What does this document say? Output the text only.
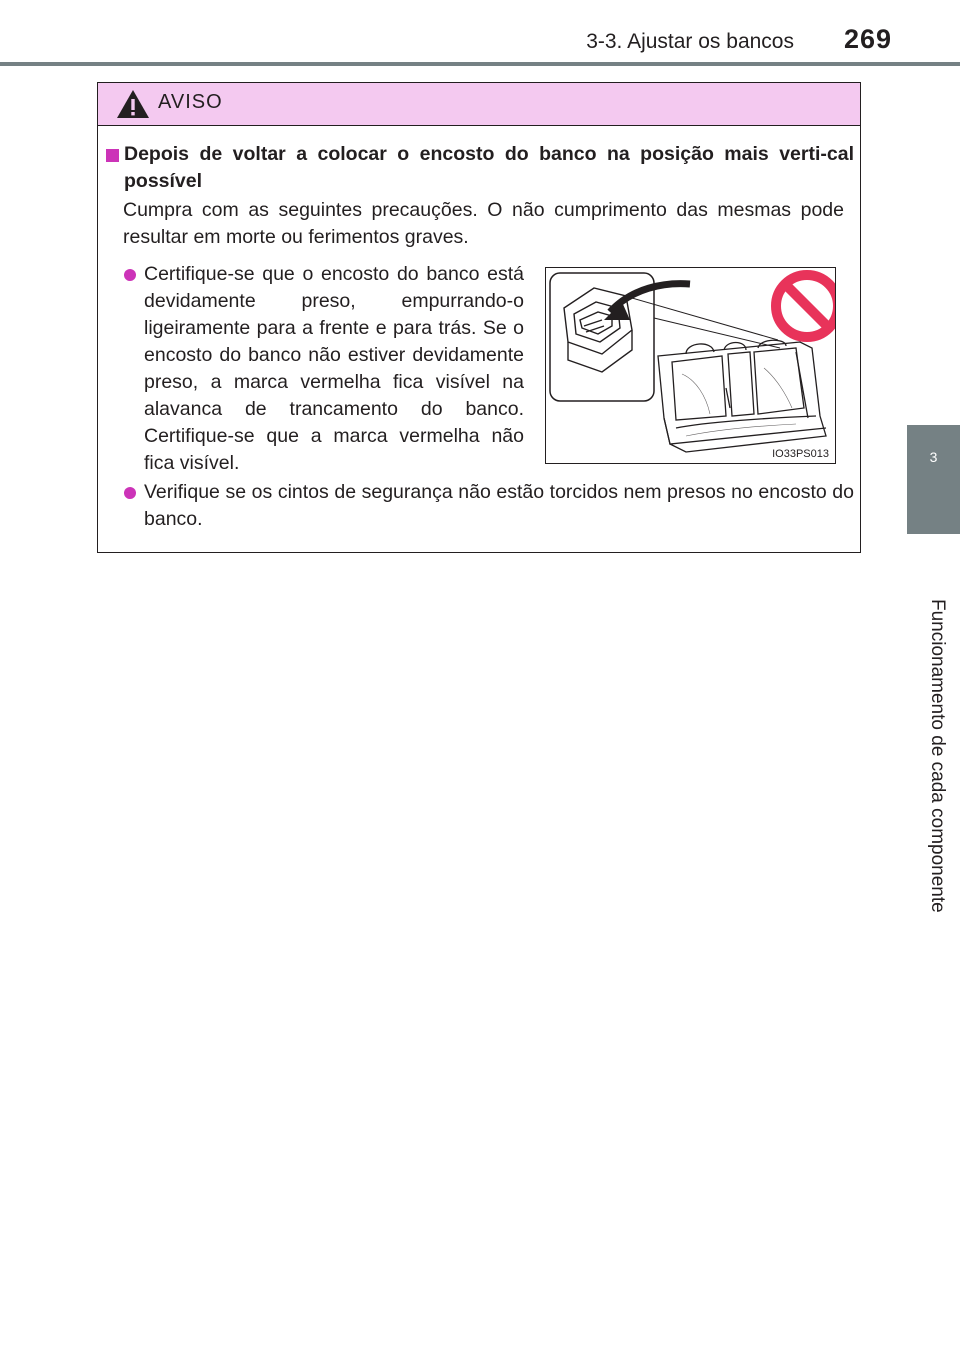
3-3. Ajustar os bancos 269
3
Funcionamento de cada componente
AVISO
Depois de voltar a colocar o encosto do banco na posição mais verti-cal possível
Cumpra com as seguintes precauções. O não cumprimento das mesmas pode resultar em morte ou ferimentos graves.
Certifique-se que o encosto do banco está devidamente preso, empurrando-o ligeiramente para a frente e para trás. Se o encosto do banco não estiver devidamente preso, a marca vermelha fica visível na alavanca de trancamento do banco. Certifique-se que a marca vermelha não fica visível.	IO33PS013
Verifique se os cintos de segurança não estão torcidos nem presos no encosto do banco.
